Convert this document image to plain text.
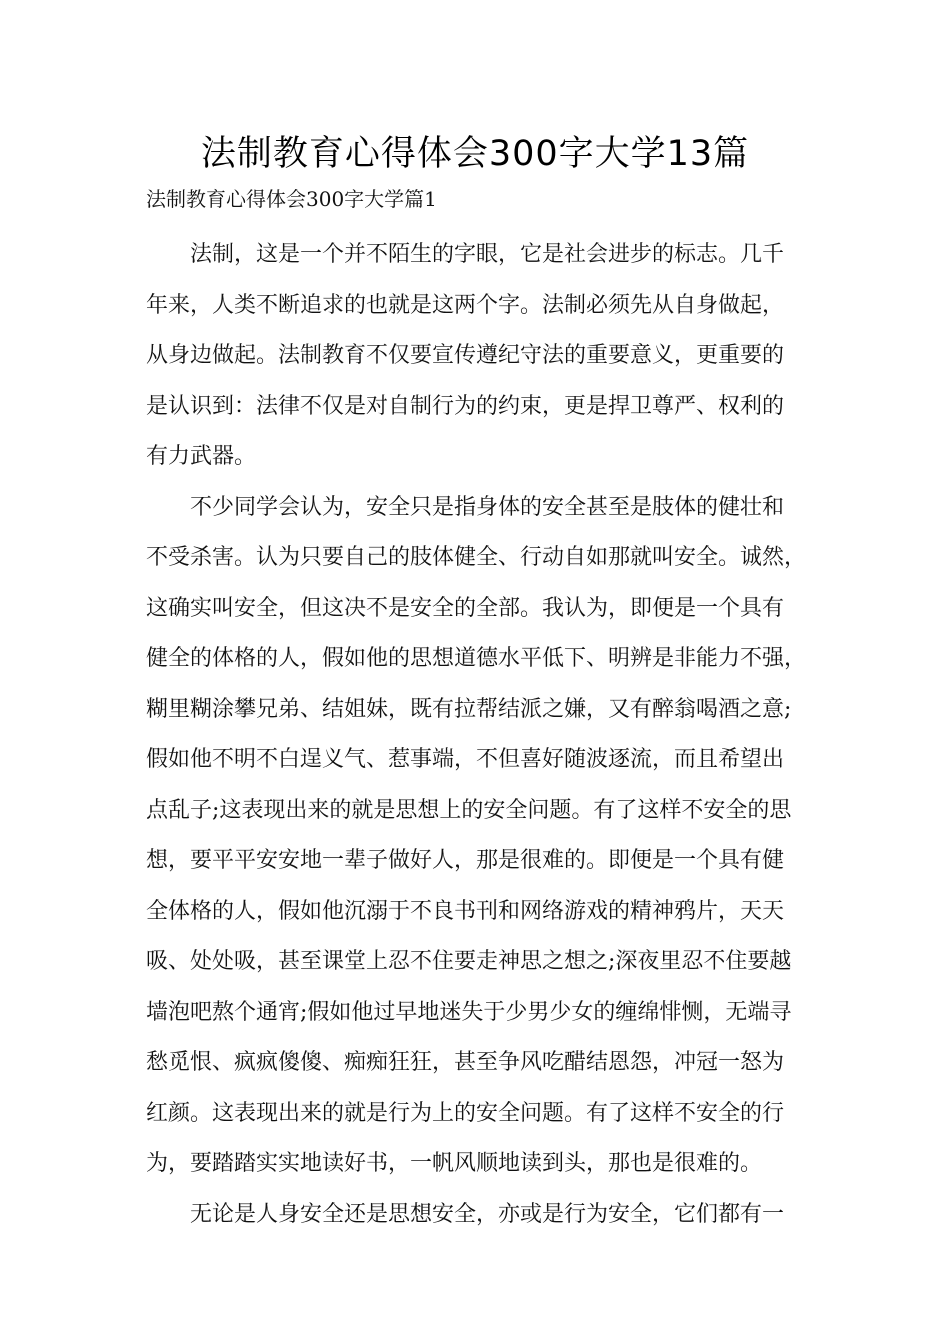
法制教育心得体会300字大学13篇
法制教育心得体会300字大学篇1
法制，这是一个并不陌生的字眼，它是社会进步的标志。几千
年来，人类不断追求的也就是这两个字。法制必须先从自身做起，
从身边做起。法制教育不仅要宣传遵纪守法的重要意义，更重要的
是认识到：法律不仅是对自制行为的约束，更是捍卫尊严、权利的
有力武器。
不少同学会认为，安全只是指身体的安全甚至是肢体的健壮和
不受杀害。认为只要自己的肢体健全、行动自如那就叫安全。诚然，
这确实叫安全，但这决不是安全的全部。我认为，即便是一个具有
健全的体格的人，假如他的思想道德水平低下、明辨是非能力不强，
糊里糊涂攀兄弟、结姐妹，既有拉帮结派之嫌，又有醉翁喝酒之意;
假如他不明不白逞义气、惹事端，不但喜好随波逐流，而且希望出
点乱子;这表现出来的就是思想上的安全问题。有了这样不安全的思
想，要平平安安地一辈子做好人，那是很难的。即便是一个具有健
全体格的人，假如他沉溺于不良书刊和网络游戏的精神鸦片，天天
吸、处处吸，甚至课堂上忍不住要走神思之想之;深夜里忍不住要越
墙泡吧熬个通宵;假如他过早地迷失于少男少女的缠绵悱恻，无端寻
愁觅恨、疯疯傻傻、痴痴狂狂，甚至争风吃醋结恩怨，冲冠一怒为
红颜。这表现出来的就是行为上的安全问题。有了这样不安全的行
为，要踏踏实实地读好书，一帆风顺地读到头，那也是很难的。
无论是人身安全还是思想安全，亦或是行为安全，它们都有一
